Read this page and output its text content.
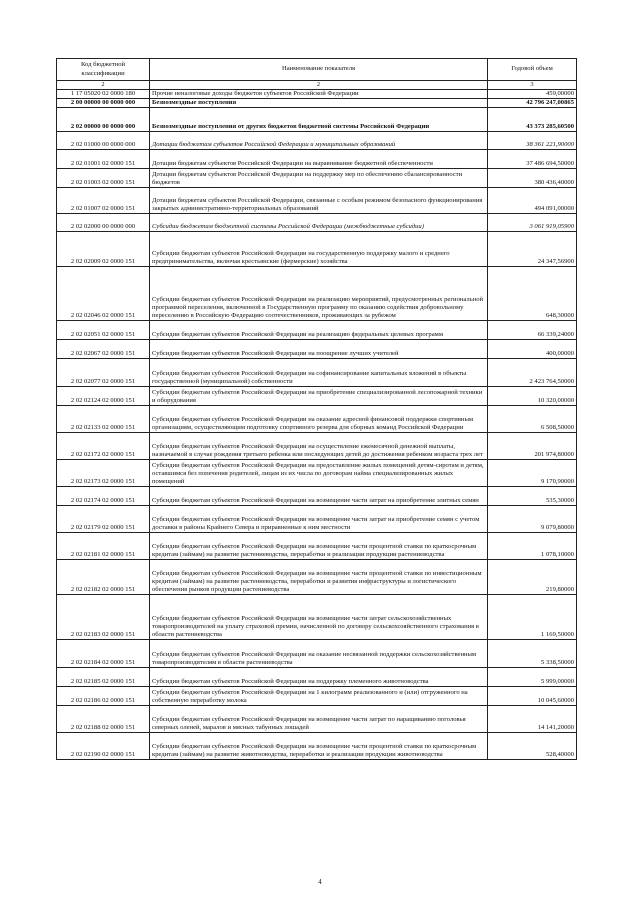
Код бюджетной классификации	Наименование показателя	Годовой объем
2	2	3
1 17 05020 02 0000 180	Прочие неналоговые доходы бюджетов субъектов Российской Федерации	459,00000
2 00 00000 00 0000 000	Безвозмездные поступления	42 796 247,00865
2 02 00000 00 0000 000	Безвозмездные поступления от других бюджетов бюджетной системы Российской Федерации	43 373 285,60500
2 02 01000 00 0000 000	Дотации бюджетам субъектов Российской Федерации и муниципальных образований	38 361 221,90000
2 02 01001 02 0000 151	Дотации бюджетам субъектов Российской Федерации на выравнивание бюджетной обеспеченности	37 486 694,50000
2 02 01003 02 0000 151	Дотации бюджетам субъектов Российской Федерации на поддержку мер по обеспечению сбалансированности бюджетов	380 436,40000
2 02 01007 02 0000 151	Дотации бюджетам субъектов Российской Федерации, связанные с особым режимом безопасного функционирования закрытых административно-территориальных образований	494 091,00000
2 02 02000 00 0000 000	Субсидии бюджетам бюджетной системы Российской Федерации (межбюджетные субсидии)	3 061 919,05900
2 02 02009 02 0000 151	Субсидии бюджетам субъектов Российской Федерации на государственную поддержку малого и среднего предпринимательства, включая крестьянские (фермерские) хозяйства	24 347,56900
2 02 02046 02 0000 151	Субсидии бюджетам субъектов Российской Федерации на реализацию мероприятий, предусмотренных региональной программой переселения, включенной в Государственную программу по оказанию содействия добровольному переселению в Российскую Федерацию соотечественников, проживающих за рубежом	648,30000
2 02 02051 02 0000 151	Субсидии бюджетам субъектов Российской Федерации на реализацию федеральных целевых программ	66 339,24000
2 02 02067 02 0000 151	Субсидии бюджетам субъектов Российской Федерации на поощрение лучших учителей	400,00000
2 02 02077 02 0000 151	Субсидии бюджетам субъектов Российской Федерации на софинансирование капитальных вложений в объекты государственной (муниципальной) собственности	2 423 764,50000
2 02 02124 02 0000 151	Субсидии бюджетам субъектов Российской Федерации на приобретение специализированной лесопожарной техники и оборудования	10 320,00000
2 02 02133 02 0000 151	Субсидии бюджетам субъектов Российской Федерации на оказание адресной финансовой поддержки спортивным организациям, осуществляющим подготовку спортивного резерва для сборных команд Российской Федерации	6 508,50000
2 02 02172 02 0000 151	Субсидии бюджетам субъектов Российской Федерации на осуществление ежемесячной денежной выплаты, назначаемой в случае рождения третьего ребенка или последующих детей до достижения ребенком возраста трех лет	201 974,80000
2 02 02173 02 0000 151	Субсидии бюджетам субъектов Российской Федерации на предоставление жилых помещений детям-сиротам и детям, оставшимся без попечения родителей, лицам из их числа по договорам найма специализированных жилых помещений	9 170,90000
2 02 02174 02 0000 151	Субсидии бюджетам субъектов Российской Федерации на возмещение части затрат на приобретение элитных семян	535,30000
2 02 02179 02 0000 151	Субсидии бюджетам субъектов Российской Федерации на возмещение части затрат на приобретение семян с учетом доставки в районы Крайнего Севера и приравненные к ним местности	9 079,80000
2 02 02181 02 0000 151	Субсидии бюджетам субъектов Российской Федерации на возмещение части процентной ставки по краткосрочным кредитам (займам) на развитие растениеводства, переработки и реализации продукции растениеводства	1 078,10000
2 02 02182 02 0000 151	Субсидии бюджетам субъектов Российской Федерации на возмещение части процентной ставки по инвестиционным кредитам (займам) на развитие растениеводства, переработки и развития инфраструктуры и логистического обеспечения рынков продукции растениеводства	219,80000
2 02 02183 02 0000 151	Субсидии бюджетам субъектов Российской Федерации на возмещение части затрат сельскохозяйственных товаропроизводителей на уплату страховой премии, начисленной по договору сельскохозяйственного страхования в области растениеводства	1 169,50000
2 02 02184 02 0000 151	Субсидии бюджетам субъектов Российской Федерации на оказание несвязанной поддержки сельскохозяйственным товаропроизводителям в области растениеводства	5 338,50000
2 02 02185 02 0000 151	Субсидии бюджетам субъектов Российской Федерации на поддержку племенного животноводства	5 999,00000
2 02 02186 02 0000 151	Субсидии бюджетам субъектов Российской Федерации на 1 килограмм реализованного и (или) отгруженного на собственную переработку молока	10 045,60000
2 02 02188 02 0000 151	Субсидии бюджетам субъектов Российской Федерации на возмещение части затрат по наращиванию поголовья северных оленей, маралов и мясных табунных лошадей	14 141,20000
2 02 02190 02 0000 151	Субсидии бюджетам субъектов Российской Федерации на возмещение части процентной ставки по краткосрочным кредитам (займам) на развитие животноводства, переработки и реализации продукции животноводства	528,40000
4
